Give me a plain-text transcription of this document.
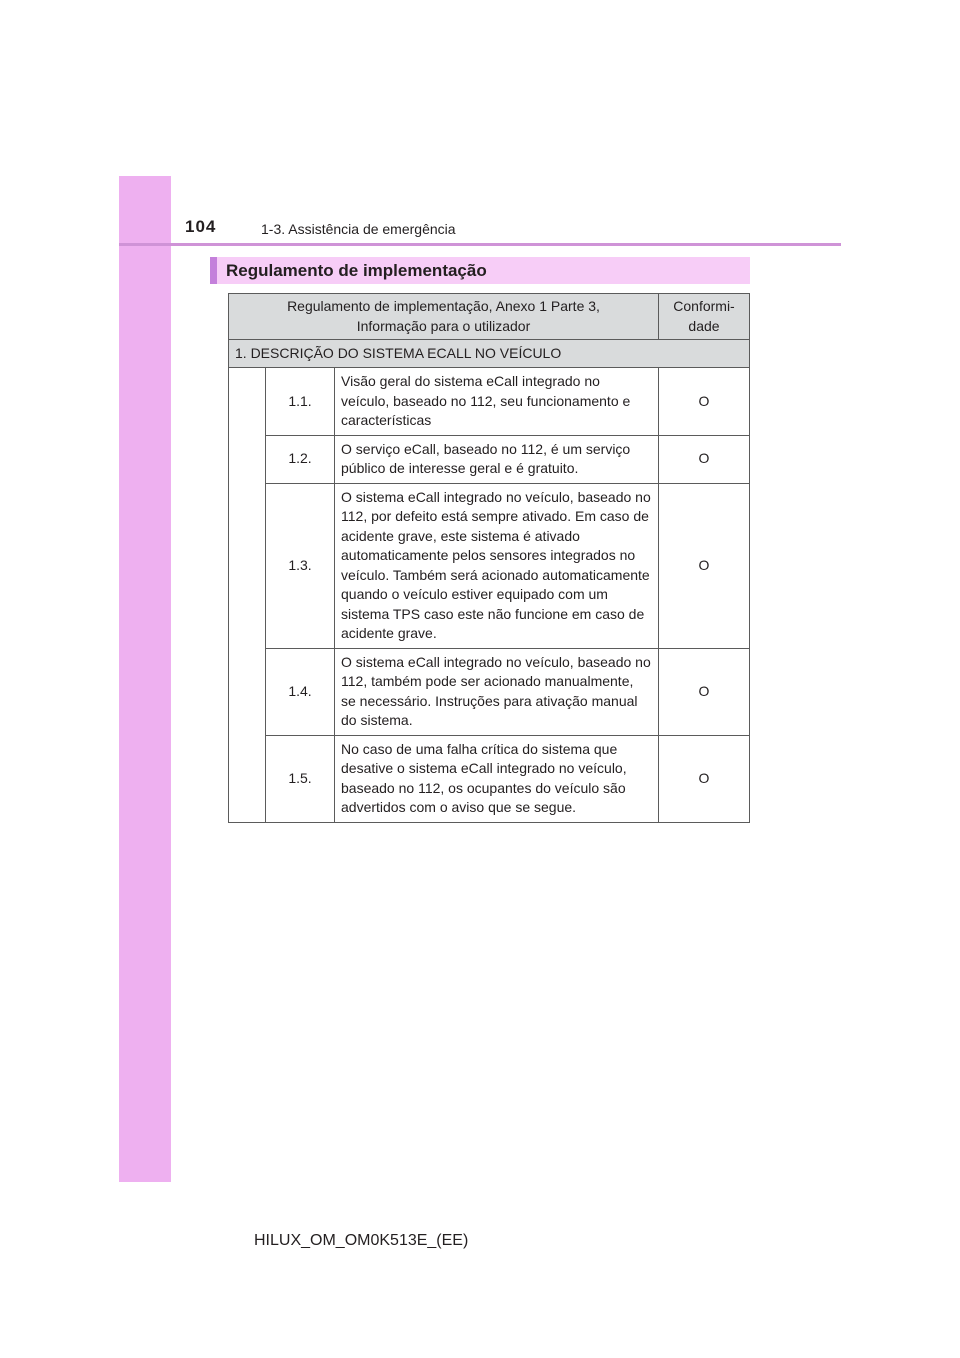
104	1-3. Assistência de emergência
Regulamento de implementação
Regulamento de implementação, Anexo 1 Parte 3, Informação para o utilizador			Conformi-dade

1. DESCRIÇÃO DO SISTEMA ECALL NO VEÍCULO			
	1.1.	Visão geral do sistema eCall integrado no veículo, baseado no 112, seu funcionamento e características	O
	1.2.	O serviço eCall, baseado no 112, é um serviço público de interesse geral e é gratuito.	O
	1.3.	O sistema eCall integrado no veículo, baseado no 112, por defeito está sempre ativado. Em caso de acidente grave, este sistema é ativado automaticamente pelos sensores integrados no veículo. Também será acionado automaticamente quando o veículo estiver equipado com um sistema TPS caso este não funcione em caso de acidente grave.	O
	1.4.	O sistema eCall integrado no veículo, baseado no 112, também pode ser acionado manualmente, se necessário. Instruções para ativação manual do sistema.	O
	1.5.	No caso de uma falha crítica do sistema que desative o sistema eCall integrado no veículo, baseado no 112, os ocupantes do veículo são advertidos com o aviso que se segue.	O
HILUX_OM_OM0K513E_(EE)
